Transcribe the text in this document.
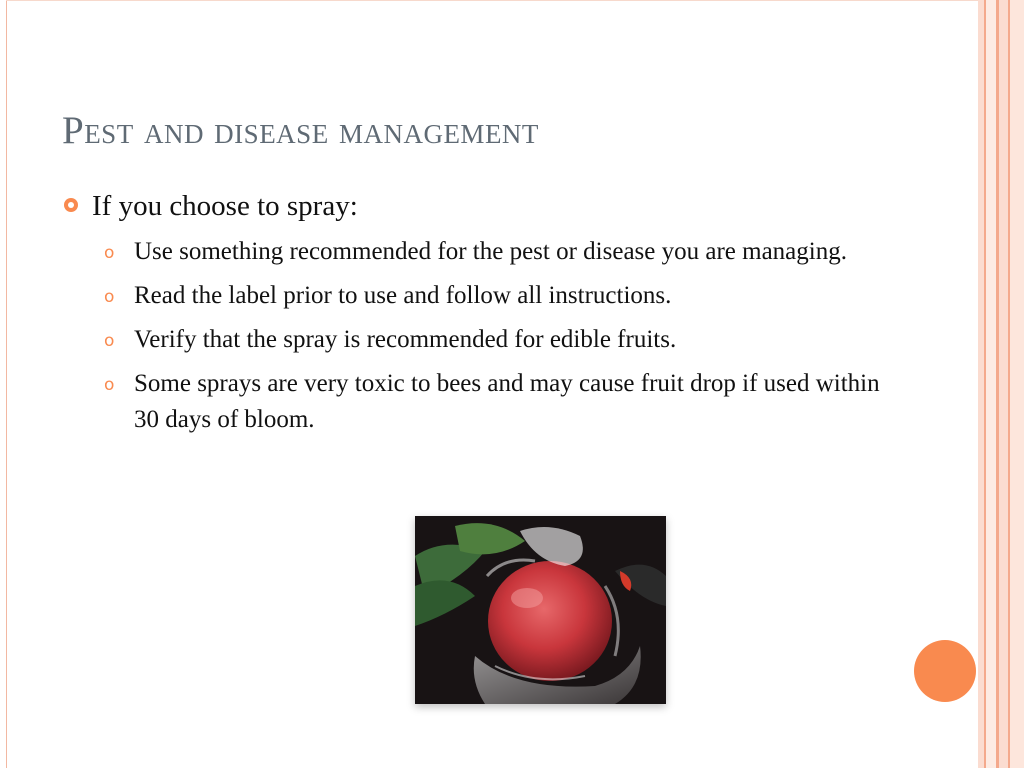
Pest and disease management
If you choose to spray:
o Use something recommended for the pest or disease you are managing.
o Read the label prior to use and follow all instructions.
o Verify that the spray is recommended for edible fruits.
o Some sprays are very toxic to bees and may cause fruit drop if used within 30 days of bloom.
